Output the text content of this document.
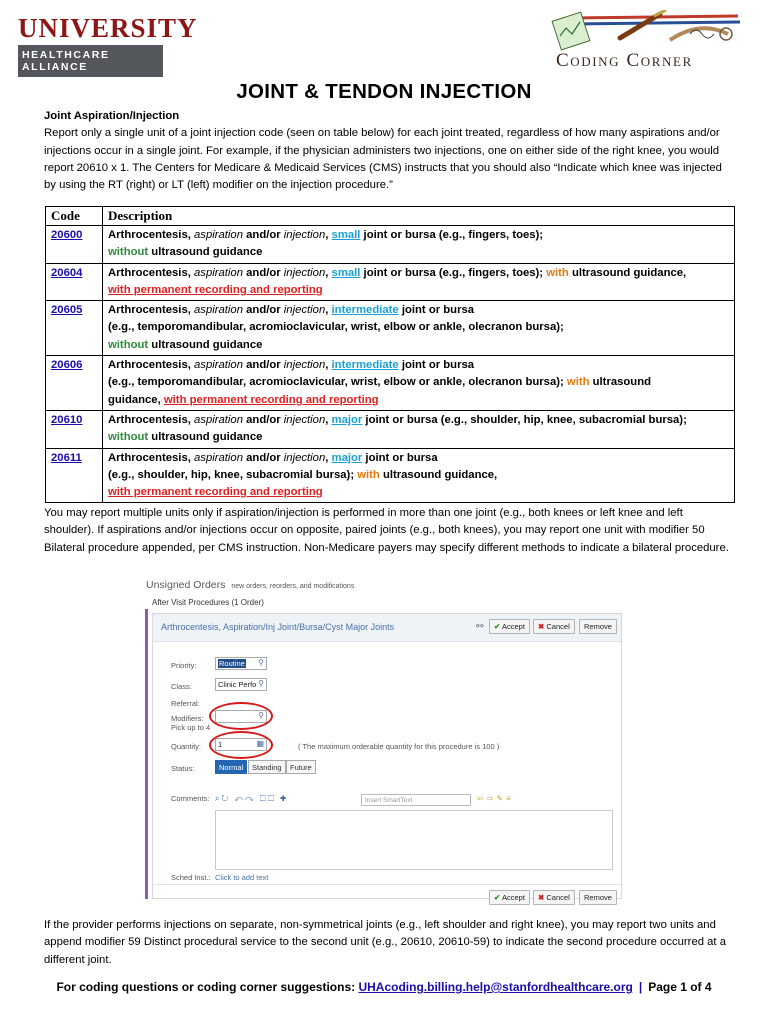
UNIVERSITY
HEALTHCARE ALLIANCE	Coding Corner
JOINT & TENDON INJECTION
Joint Aspiration/Injection
Report only a single unit of a joint injection code (seen on table below) for each joint treated, regardless of how many aspirations and/or injections occur in a single joint. For example, if the physician administers two injections, one on either side of the right knee, you would report 20610 x 1. The Centers for Medicare & Medicaid Services (CMS) instructs that you should also “Indicate which knee was injected by using the RT (right) or LT (left) modifier on the injection procedure.”
Code	Description
20600	Arthrocentesis, aspiration and/or injection, small joint or bursa (e.g., fingers, toes);
without ultrasound guidance
20604	Arthrocentesis, aspiration and/or injection, small joint or bursa (e.g., fingers, toes); with ultrasound guidance,
with permanent recording and reporting
20605	Arthrocentesis, aspiration and/or injection, intermediate joint or bursa
(e.g., temporomandibular, acromioclavicular, wrist, elbow or ankle, olecranon bursa);
without ultrasound guidance
20606	Arthrocentesis, aspiration and/or injection, intermediate joint or bursa
(e.g., temporomandibular, acromioclavicular, wrist, elbow or ankle, olecranon bursa); with ultrasound
guidance, with permanent recording and reporting
20610	Arthrocentesis, aspiration and/or injection, major joint or bursa (e.g., shoulder, hip, knee, subacromial bursa);
without ultrasound guidance
20611	Arthrocentesis, aspiration and/or injection, major joint or bursa
(e.g., shoulder, hip, knee, subacromial bursa); with ultrasound guidance,
with permanent recording and reporting
You may report multiple units only if aspiration/injection is performed in more than one joint (e.g., both knees or left knee and left shoulder). If aspirations and/or injections occur on opposite, paired joints (e.g., both knees), you may report one unit with modifier 50 Bilateral procedure appended, per CMS instruction. Non-Medicare payers may specify different methods to indicate a bilateral procedure.
Unsigned Orders new orders, reorders, and modifications
After Visit Procedures (1 Order)
Arthrocentesis, Aspiration/Inj Joint/Bursa/Cyst Major Joints	⚯	✔ Accept	✖ Cancel	Remove
Priority:	Routine ⚲
Class:	Clinic Perfo ⚲
Referral:
Modifiers:
Pick up to 4
⚲
Quantity:	1	▦	( The maximum orderable quantity for this procedure is 100 )
Status:	Normal	Standing	Future
Comments: ⌕↻ ↶↷ ☐☐ ✚	Insert SmartText	⇦⇨✎≡
Sched Inst.: Click to add text
✔ Accept	✖ Cancel	Remove
If the provider performs injections on separate, non-symmetrical joints (e.g., left shoulder and right knee), you may report two units and append modifier 59 Distinct procedural service to the second unit (e.g., 20610, 20610-59) to indicate the second procedure occurred at a different joint.
For coding questions or coding corner suggestions: UHAcoding.billing.help@stanfordhealthcare.org | Page 1 of 4
